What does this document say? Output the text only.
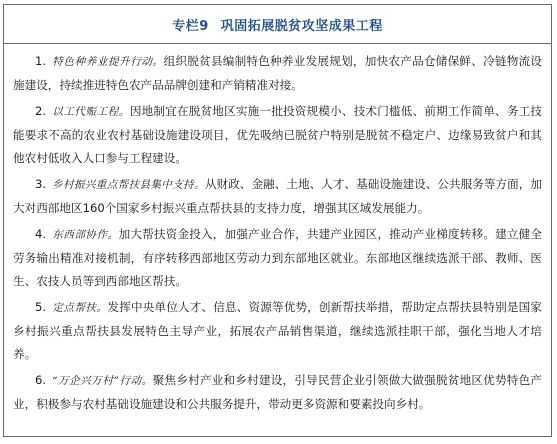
专栏9 巩固拓展脱贫攻坚成果工程

1. 特色种养业提升行动。组织脱贫县编制特色种养业发展规划，加快农产品仓储保鲜、冷链物流设施建设，持续推进特色农产品品牌创建和产销精准对接。

2. 以工代赈工程。因地制宜在脱贫地区实施一批投资规模小、技术门槛低、前期工作简单、务工技能要求不高的农业农村基础设施建设项目，优先吸纳已脱贫户特别是脱贫不稳定户、边缘易致贫户和其他农村低收入人口参与工程建设。

3. 乡村振兴重点帮扶县集中支持。从财政、金融、土地、人才、基础设施建设、公共服务等方面，加大对西部地区160个国家乡村振兴重点帮扶县的支持力度，增强其区域发展能力。

4. 东西部协作。加大帮扶资金投入，加强产业合作，共建产业园区，推动产业梯度转移。建立健全劳务输出精准对接机制，有序转移西部地区劳动力到东部地区就业。东部地区继续选派干部、教师、医生、农技人员等到西部地区帮扶。

5. 定点帮扶。发挥中央单位人才、信息、资源等优势，创新帮扶举措，帮助定点帮扶县特别是国家乡村振兴重点帮扶县发展特色主导产业，拓展农产品销售渠道，继续选派挂职干部，强化当地人才培养。

6. “万企兴万村”行动。聚焦乡村产业和乡村建设，引导民营企业引领做大做强脱贫地区优势特色产业，积极参与农村基础设施建设和公共服务提升，带动更多资源和要素投向乡村。
